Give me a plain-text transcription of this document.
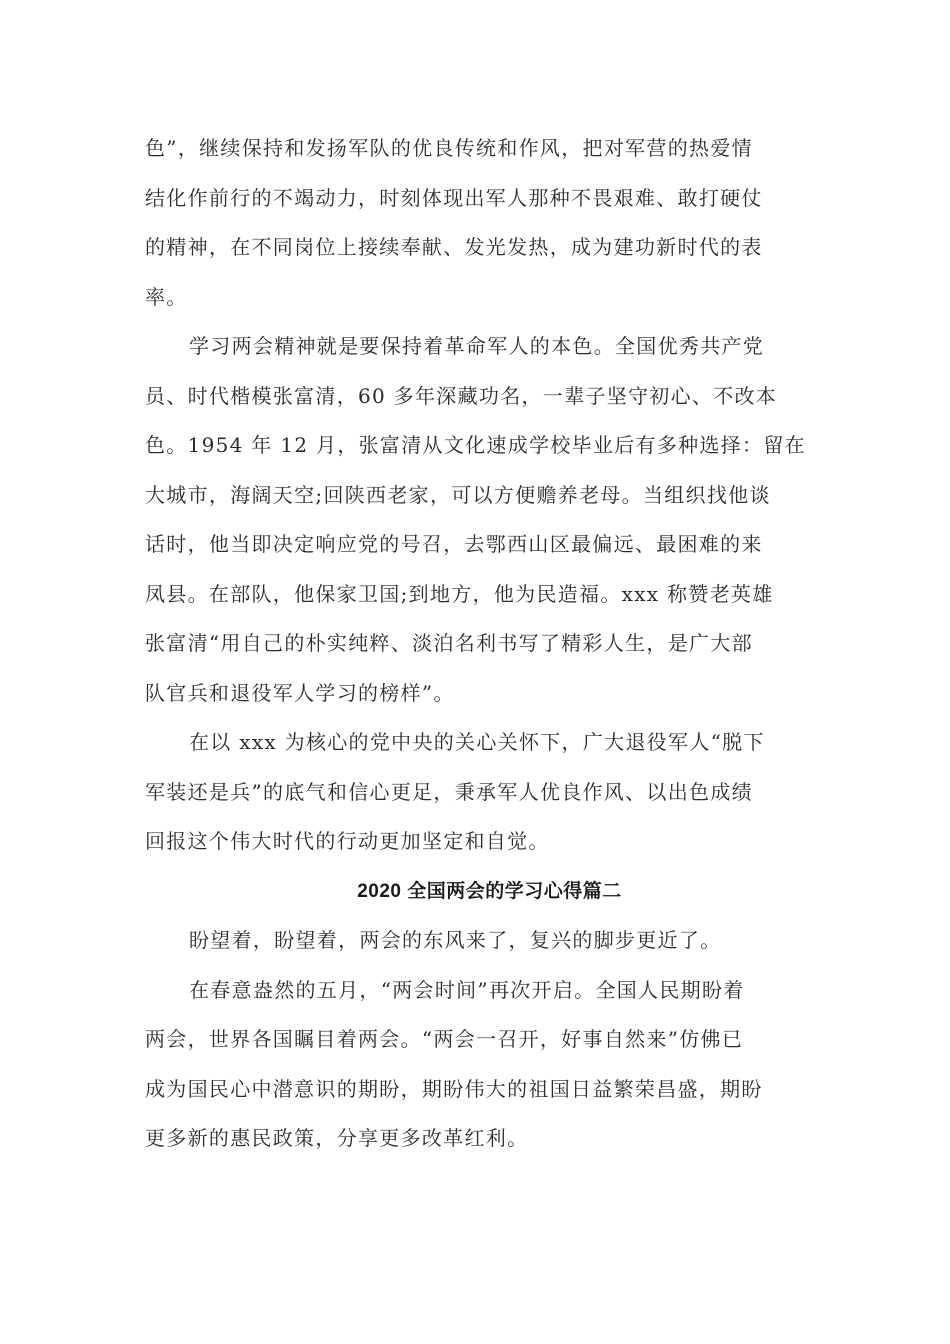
色”，继续保持和发扬军队的优良传统和作风，把对军营的热爱情
结化作前行的不竭动力，时刻体现出军人那种不畏艰难、敢打硬仗
的精神，在不同岗位上接续奉献、发光发热，成为建功新时代的表
率。

学习两会精神就是要保持着革命军人的本色。全国优秀共产党
员、时代楷模张富清，60 多年深藏功名，一辈子坚守初心、不改本
色。1954 年 12 月，张富清从文化速成学校毕业后有多种选择：留在
大城市，海阔天空;回陕西老家，可以方便赡养老母。当组织找他谈
话时，他当即决定响应党的号召，去鄂西山区最偏远、最困难的来
凤县。在部队，他保家卫国;到地方，他为民造福。xxx 称赞老英雄
张富清“用自己的朴实纯粹、淡泊名利书写了精彩人生，是广大部
队官兵和退役军人学习的榜样”。

在以 xxx 为核心的党中央的关心关怀下，广大退役军人“脱下
军装还是兵”的底气和信心更足，秉承军人优良作风、以出色成绩
回报这个伟大时代的行动更加坚定和自觉。

2020 全国两会的学习心得篇二

盼望着，盼望着，两会的东风来了，复兴的脚步更近了。

在春意盎然的五月，“两会时间”再次开启。全国人民期盼着
两会，世界各国瞩目着两会。“两会一召开，好事自然来”仿佛已
成为国民心中潜意识的期盼，期盼伟大的祖国日益繁荣昌盛，期盼
更多新的惠民政策，分享更多改革红利。
